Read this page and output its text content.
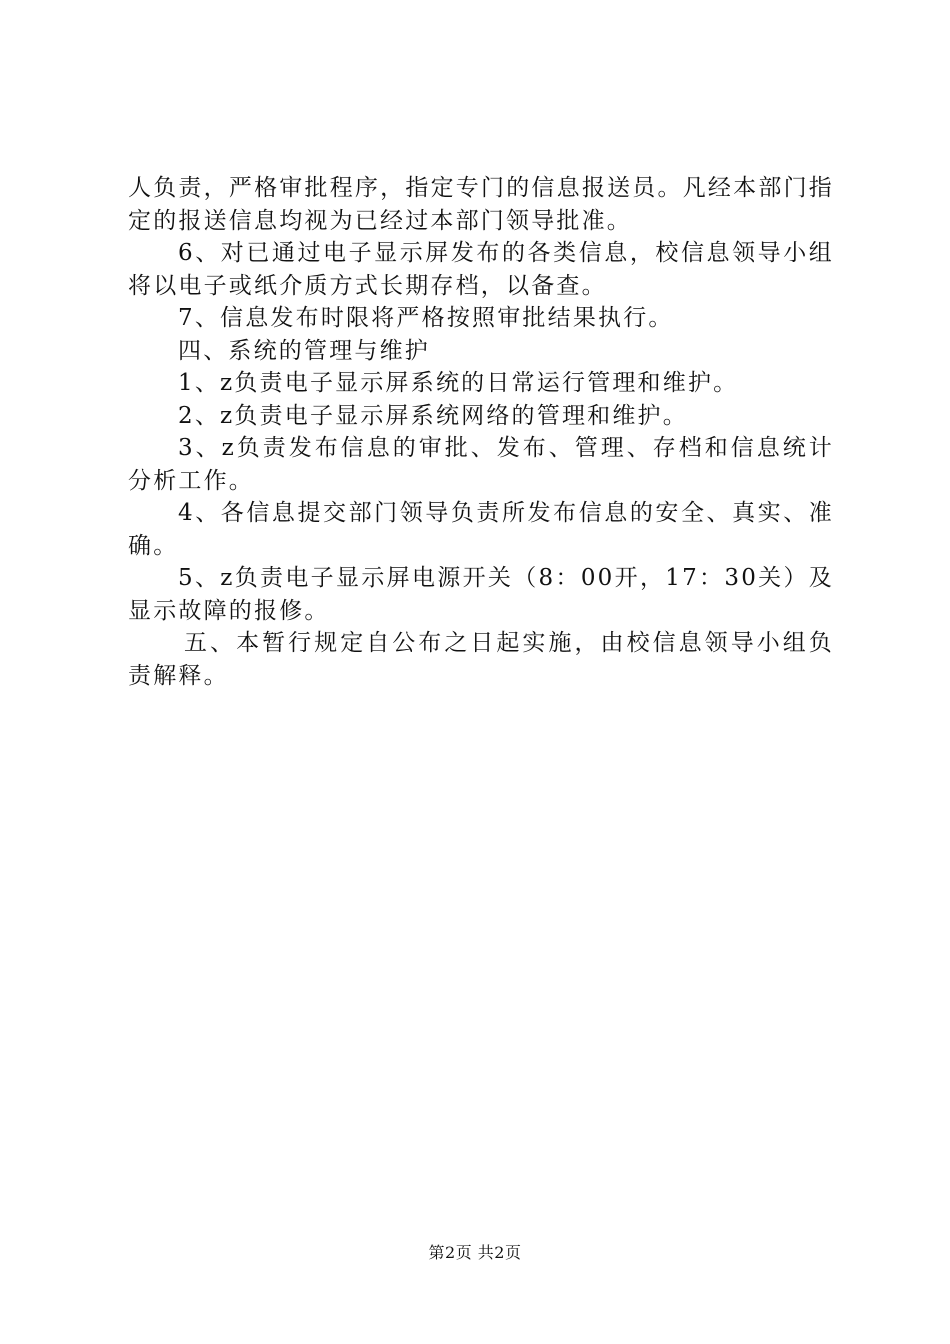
人负责，严格审批程序，指定专门的信息报送员。凡经本部门指定的报送信息均视为已经过本部门领导批准。

6、对已通过电子显示屏发布的各类信息，校信息领导小组将以电子或纸介质方式长期存档，以备查。

7、信息发布时限将严格按照审批结果执行。

四、系统的管理与维护

1、z负责电子显示屏系统的日常运行管理和维护。

2、z负责电子显示屏系统网络的管理和维护。

3、z负责发布信息的审批、发布、管理、存档和信息统计分析工作。

4、各信息提交部门领导负责所发布信息的安全、真实、准确。

5、z负责电子显示屏电源开关（8：00开，17：30关）及显示故障的报修。

五、本暂行规定自公布之日起实施，由校信息领导小组负责解释。

第2页 共2页
